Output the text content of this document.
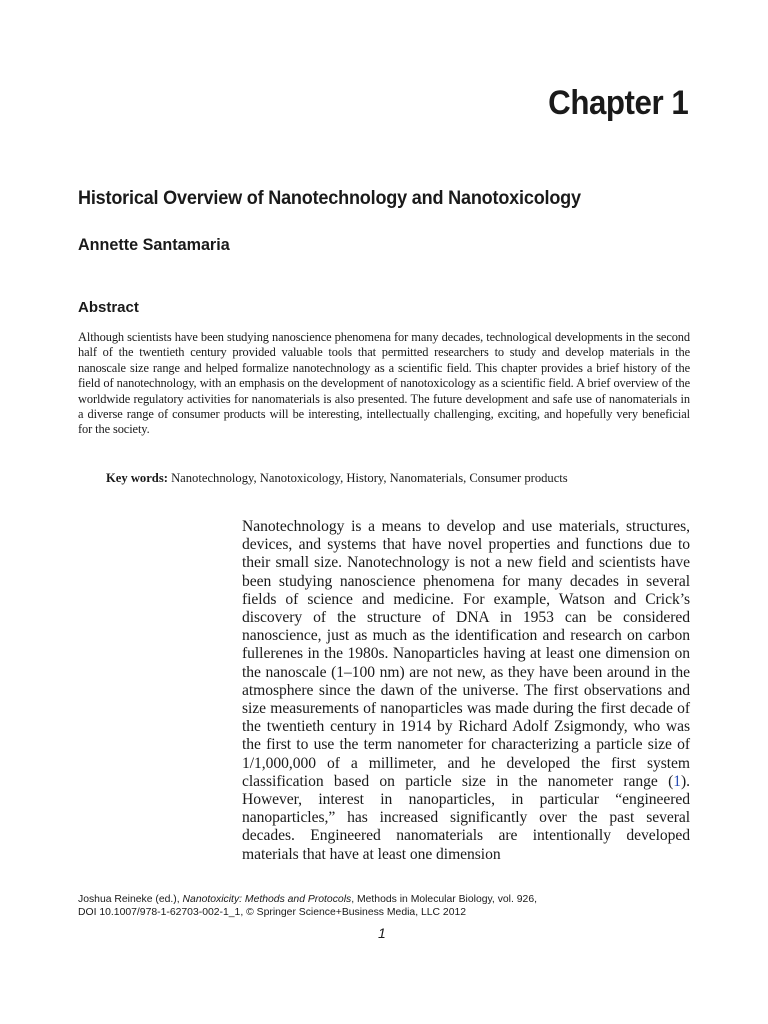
Chapter 1
Historical Overview of Nanotechnology and Nanotoxicology
Annette Santamaria
Abstract
Although scientists have been studying nanoscience phenomena for many decades, technological developments in the second half of the twentieth century provided valuable tools that permitted researchers to study and develop materials in the nanoscale size range and helped formalize nanotechnology as a scientific field. This chapter provides a brief history of the field of nanotechnology, with an emphasis on the development of nanotoxicology as a scientific field. A brief overview of the worldwide regulatory activities for nanomaterials is also presented. The future development and safe use of nanomaterials in a diverse range of consumer products will be interesting, intellectually challenging, exciting, and hopefully very beneficial for the society.
Key words: Nanotechnology, Nanotoxicology, History, Nanomaterials, Consumer products
Nanotechnology is a means to develop and use materials, structures, devices, and systems that have novel properties and functions due to their small size. Nanotechnology is not a new field and scientists have been studying nanoscience phenomena for many decades in several fields of science and medicine. For example, Watson and Crick’s discovery of the structure of DNA in 1953 can be considered nanoscience, just as much as the identification and research on carbon fullerenes in the 1980s. Nanoparticles having at least one dimension on the nanoscale (1–100 nm) are not new, as they have been around in the atmosphere since the dawn of the universe. The first observations and size measurements of nanoparticles was made during the first decade of the twentieth century in 1914 by Richard Adolf Zsigmondy, who was the first to use the term nanometer for characterizing a particle size of 1/1,000,000 of a millimeter, and he developed the first system classification based on particle size in the nanometer range (1). However, interest in nanoparticles, in particular “engineered nanoparticles,” has increased significantly over the past several decades. Engineered nanomaterials are intentionally developed materials that have at least one dimension
Joshua Reineke (ed.), Nanotoxicity: Methods and Protocols, Methods in Molecular Biology, vol. 926,
DOI 10.1007/978-1-62703-002-1_1, © Springer Science+Business Media, LLC 2012
1
